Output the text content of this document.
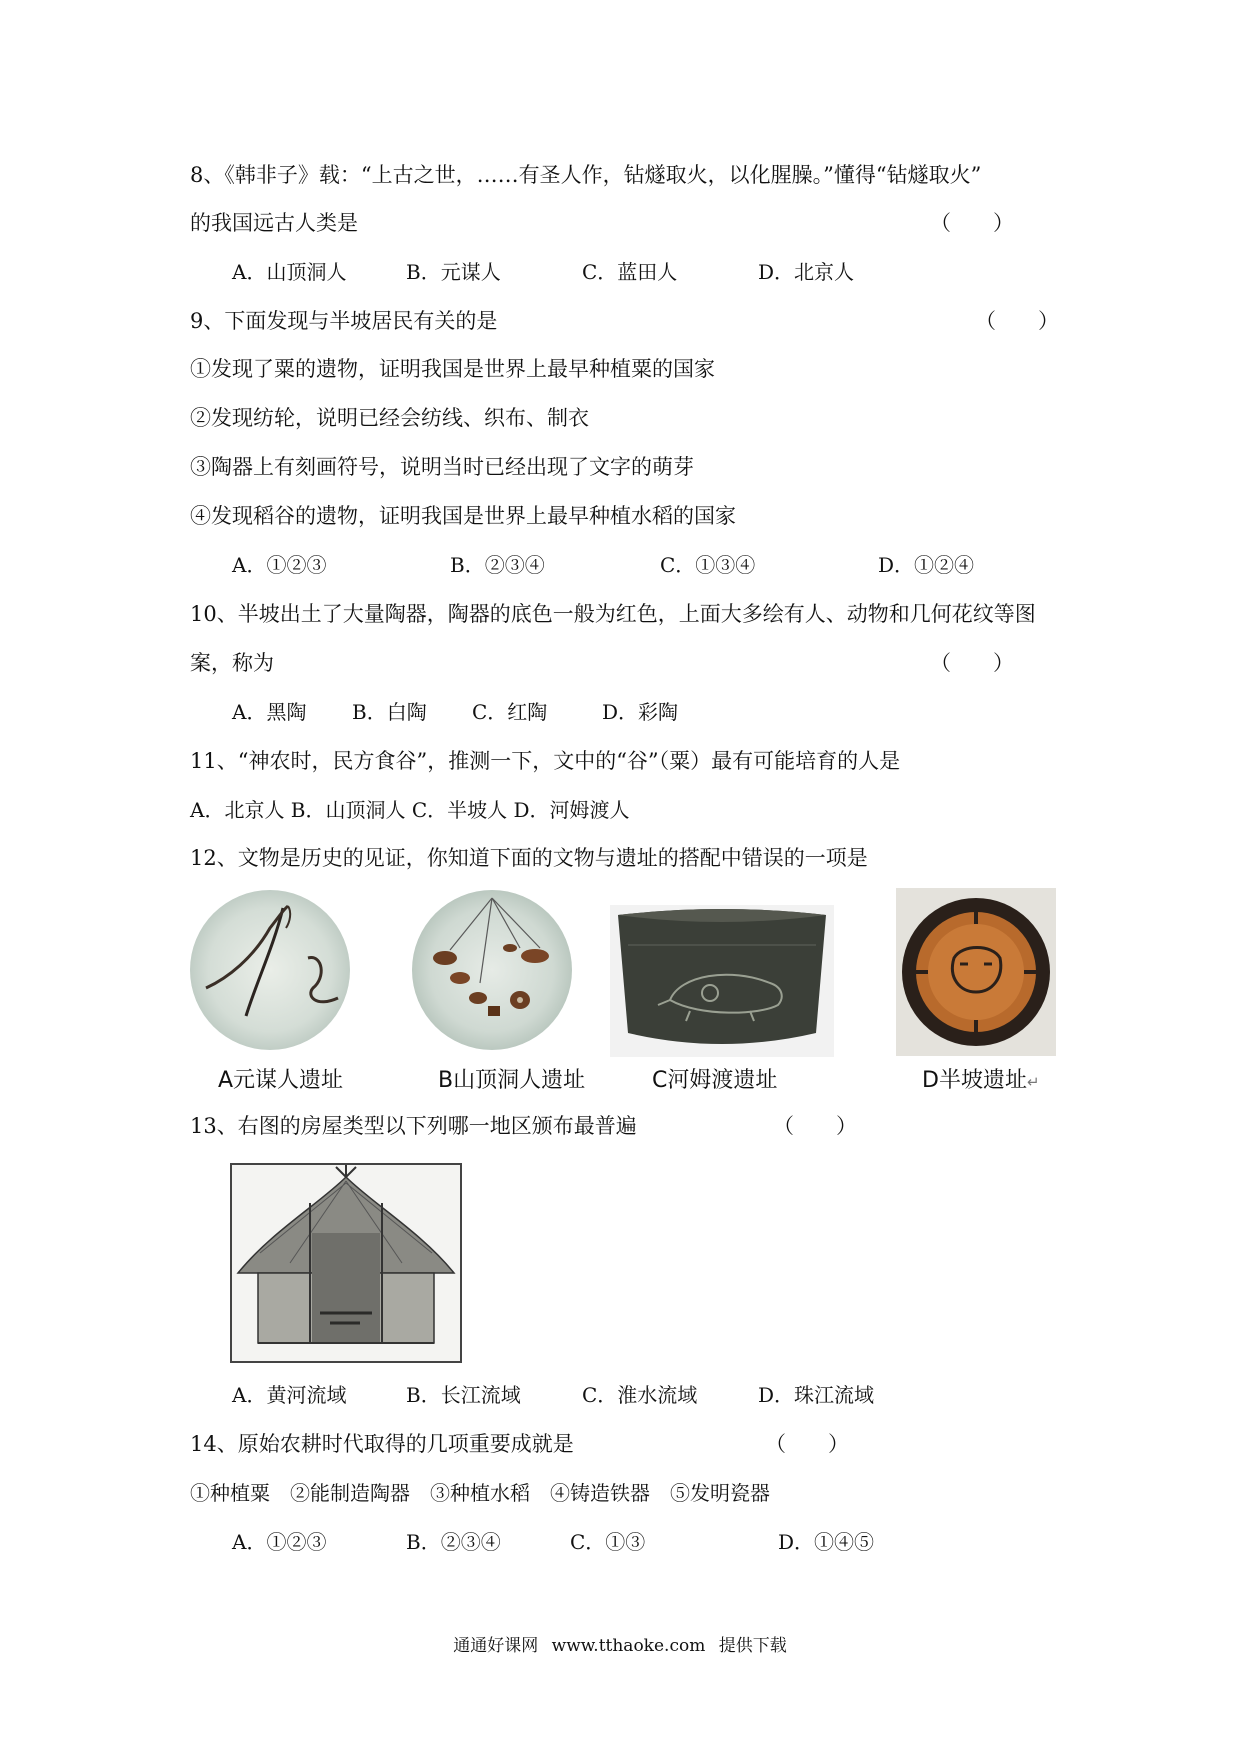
8、《韩非子》载：“上古之世，……有圣人作，钻燧取火，以化腥臊。”懂得“钻燧取火”
的我国远古人类是	（　　）
A．山顶洞人	B．元谋人	C．蓝田人	D．北京人
9、下面发现与半坡居民有关的是	（　　）
①发现了粟的遗物，证明我国是世界上最早种植粟的国家
②发现纺轮，说明已经会纺线、织布、制衣
③陶器上有刻画符号，说明当时已经出现了文字的萌芽
④发现稻谷的遗物，证明我国是世界上最早种植水稻的国家
A．①②③	B．②③④	C．①③④	D．①②④
10、半坡出土了大量陶器，陶器的底色一般为红色，上面大多绘有人、动物和几何花纹等图
案，称为	（　　）
A．黑陶 B．白陶 C．红陶	D．彩陶
11、“神农时，民方食谷”，推测一下，文中的“谷”（粟）最有可能培育的人是
A．北京人 B．山顶洞人 C．半坡人 D．河姆渡人
12、文物是历史的见证，你知道下面的文物与遗址的搭配中错误的一项是
A元谋人遗址	B山顶洞人遗址	C河姆渡遗址	D半坡遗址↵
13、右图的房屋类型以下列哪一地区颁布最普遍	（　　）
A．黄河流域	B．长江流域	C．淮水流域	D．珠江流域
14、原始农耕时代取得的几项重要成就是	（　　）
①种植粟　②能制造陶器　③种植水稻　④铸造铁器　⑤发明瓷器
A．①②③	B．②③④	C．①③	D．①④⑤
通通好课网 www.tthaoke.com 提供下载
